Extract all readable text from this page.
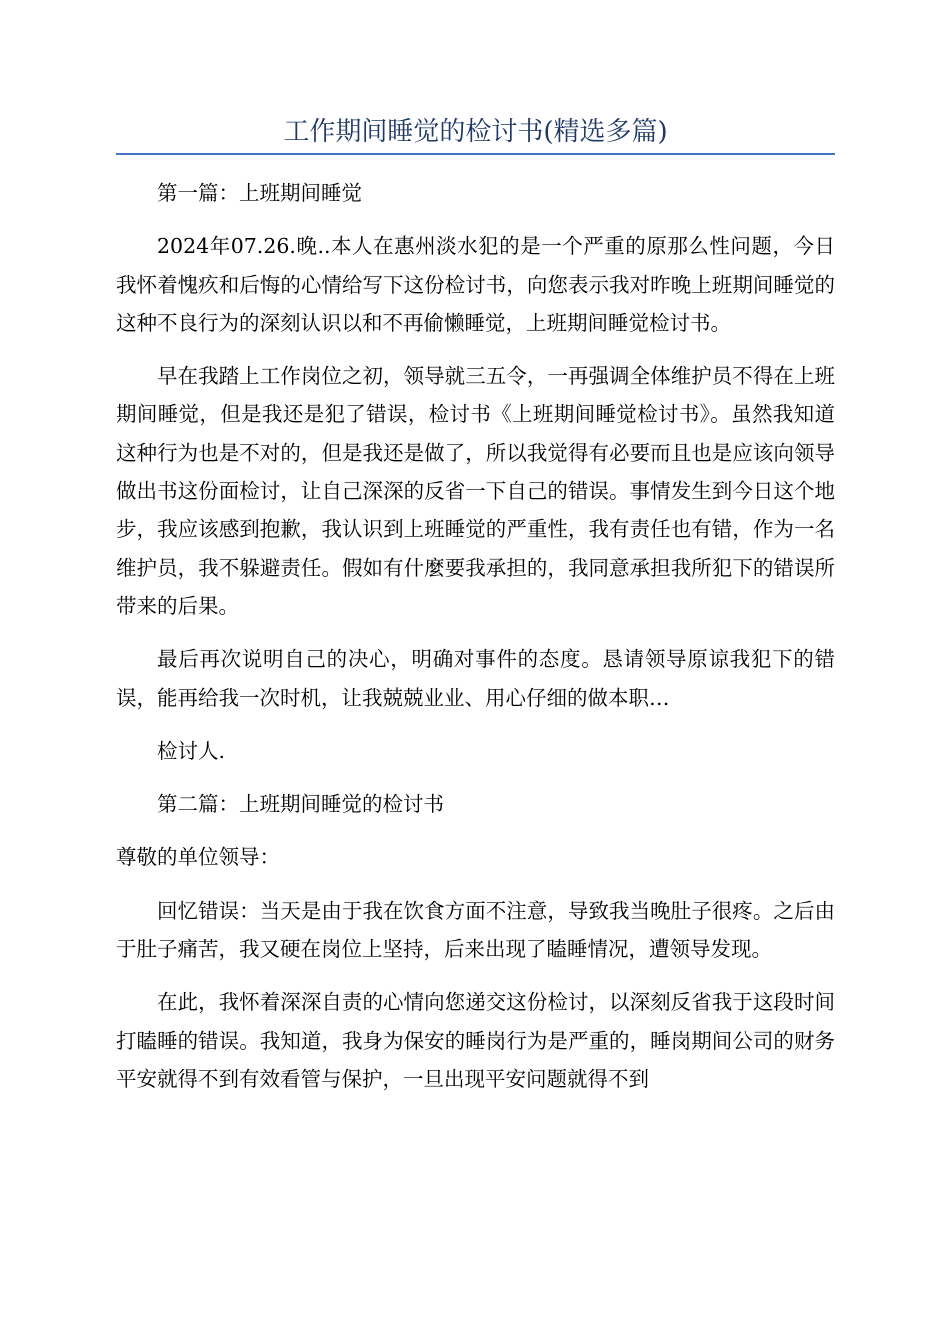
工作期间睡觉的检讨书(精选多篇)

第一篇：上班期间睡觉

2024年07.26.晚..本人在惠州淡水犯的是一个严重的原那么性问题，今日我怀着愧疚和后悔的心情给写下这份检讨书，向您表示我对昨晚上班期间睡觉的这种不良行为的深刻认识以和不再偷懒睡觉，上班期间睡觉检讨书。

早在我踏上工作岗位之初，领导就三五令，一再强调全体维护员不得在上班期间睡觉，但是我还是犯了错误，检讨书《上班期间睡觉检讨书》。虽然我知道这种行为也是不对的，但是我还是做了，所以我觉得有必要而且也是应该向领导做出书这份面检讨，让自己深深的反省一下自己的错误。事情发生到今日这个地步，我应该感到抱歉，我认识到上班睡觉的严重性，我有责任也有错，作为一名维护员，我不躲避责任。假如有什麼要我承担的，我同意承担我所犯下的错误所带来的后果。

最后再次说明自己的决心，明确对事件的态度。恳请领导原谅我犯下的错误，能再给我一次时机，让我兢兢业业、用心仔细的做本职…

检讨人.

第二篇：上班期间睡觉的检讨书

尊敬的单位领导：

回忆错误：当天是由于我在饮食方面不注意，导致我当晚肚子很疼。之后由于肚子痛苦，我又硬在岗位上坚持，后来出现了瞌睡情况，遭领导发现。

在此，我怀着深深自责的心情向您递交这份检讨，以深刻反省我于这段时间打瞌睡的错误。我知道，我身为保安的睡岗行为是严重的，睡岗期间公司的财务平安就得不到有效看管与保护，一旦出现平安问题就得不到
